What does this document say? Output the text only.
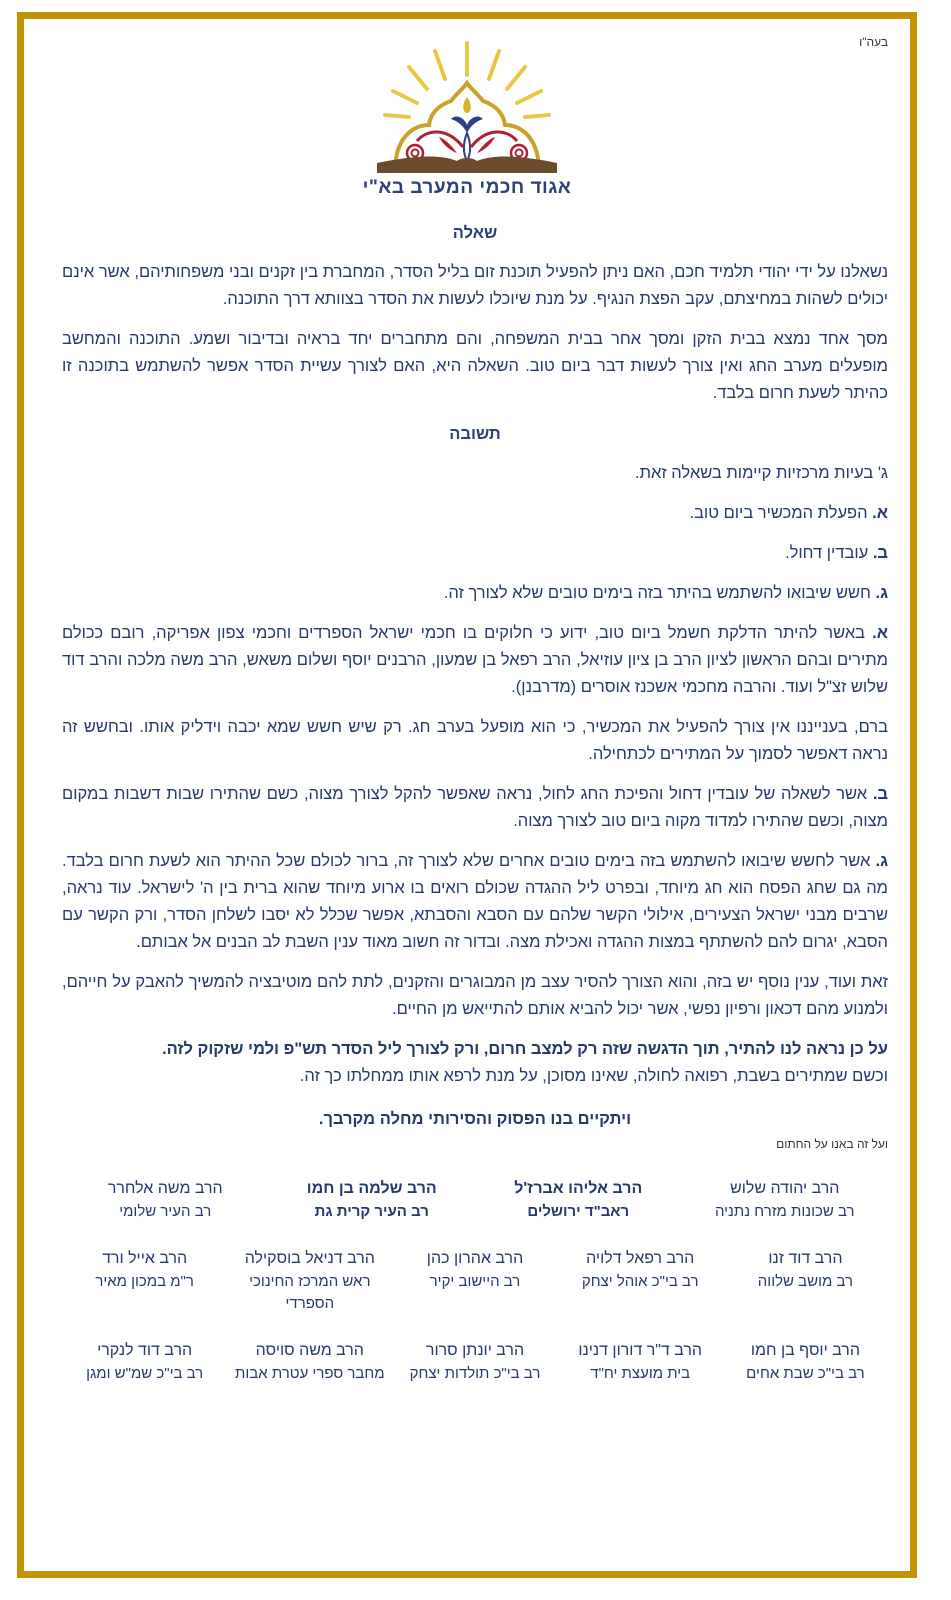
בעה"ו
אגוד חכמי המערב בא"י
שאלה

נשאלנו על ידי יהודי תלמיד חכם, האם ניתן להפעיל תוכנת זום בליל הסדר, המחברת בין זקנים ובני משפחותיהם, אשר אינם יכולים לשהות במחיצתם, עקב הפצת הנגיף. על מנת שיוכלו לעשות את הסדר בצוותא דרך התוכנה.

מסך אחד נמצא בבית הזקן ומסך אחר בבית המשפחה, והם מתחברים יחד בראיה ובדיבור ושמע. התוכנה והמחשב מופעלים מערב החג ואין צורך לעשות דבר ביום טוב. השאלה היא, האם לצורך עשיית הסדר אפשר להשתמש בתוכנה זו כהיתר לשעת חרום בלבד.

תשובה

ג' בעיות מרכזיות קיימות בשאלה זאת.

א. הפעלת המכשיר ביום טוב.

ב. עובדין דחול.

ג. חשש שיבואו להשתמש בהיתר בזה בימים טובים שלא לצורך זה.

א. באשר להיתר הדלקת חשמל ביום טוב, ידוע כי חלוקים בו חכמי ישראל הספרדים וחכמי צפון אפריקה, רובם ככולם מתירים ובהם הראשון לציון הרב בן ציון עוזיאל, הרב רפאל בן שמעון, הרבנים יוסף ושלום משאש, הרב משה מלכה והרב דוד שלוש זצ"ל ועוד. והרבה מחכמי אשכנז אוסרים (מדרבנן).

ברם, בענייננו אין צורך להפעיל את המכשיר, כי הוא מופעל בערב חג. רק שיש חשש שמא יכבה וידליק אותו. ובחשש זה נראה דאפשר לסמוך על המתירים לכתחילה.

ב. אשר לשאלה של עובדין דחול והפיכת החג לחול, נראה שאפשר להקל לצורך מצוה, כשם שהתירו שבות דשבות במקום מצוה, וכשם שהתירו למדוד מקוה ביום טוב לצורך מצוה.

ג. אשר לחשש שיבואו להשתמש בזה בימים טובים אחרים שלא לצורך זה, ברור לכולם שכל ההיתר הוא לשעת חרום בלבד. מה גם שחג הפסח הוא חג מיוחד, ובפרט ליל ההגדה שכולם רואים בו ארוע מיוחד שהוא ברית בין ה' לישראל. עוד נראה, שרבים מבני ישראל הצעירים, אילולי הקשר שלהם עם הסבא והסבתא, אפשר שכלל לא יסבו לשלחן הסדר, ורק הקשר עם הסבא, יגרום להם להשתתף במצות ההגדה ואכילת מצה. ובדור זה חשוב מאוד ענין השבת לב הבנים אל אבותם.

זאת ועוד, ענין נוסף יש בזה, והוא הצורך להסיר עצב מן המבוגרים והזקנים, לתת להם מוטיבציה להמשיך להאבק על חייהם, ולמנוע מהם דכאון ורפיון נפשי, אשר יכול להביא אותם להתייאש מן החיים.

על כן נראה לנו להתיר, תוך הדגשה שזה רק למצב חרום, ורק לצורך ליל הסדר תש"פ ולמי שזקוק לזה.
וכשם שמתירים בשבת, רפואה לחולה, שאינו מסוכן, על מנת לרפא אותו ממחלתו כך זה.

ויתקיים בנו הפסוק והסירותי מחלה מקרבך.

ועל זה באנו על החתום
הרב יהודה שלוש
רב שכונות מזרח נתניה
הרב אליהו אברז'ל
ראב"ד ירושלים
הרב שלמה בן חמו
רב העיר קרית גת
הרב משה אלחרר
רב העיר שלומי
הרב דוד זנו
רב מושב שלווה
הרב רפאל דלויה
רב בי"כ אוהל יצחק
הרב אהרון כהן
רב היישוב יקיר
הרב דניאל בוסקילה
ראש המרכז החינוכי הספרדי
הרב אייל ורד
ר"מ במכון מאיר
הרב יוסף בן חמו
רב בי"כ שבת אחים
הרב ד"ר דורון דנינו
בית מועצת יח"ד
הרב יונתן סרור
רב בי"כ תולדות יצחק
הרב משה סויסה
מחבר ספרי עטרת אבות
הרב דוד לנקרי
רב בי"כ שמ"ש ומגן
